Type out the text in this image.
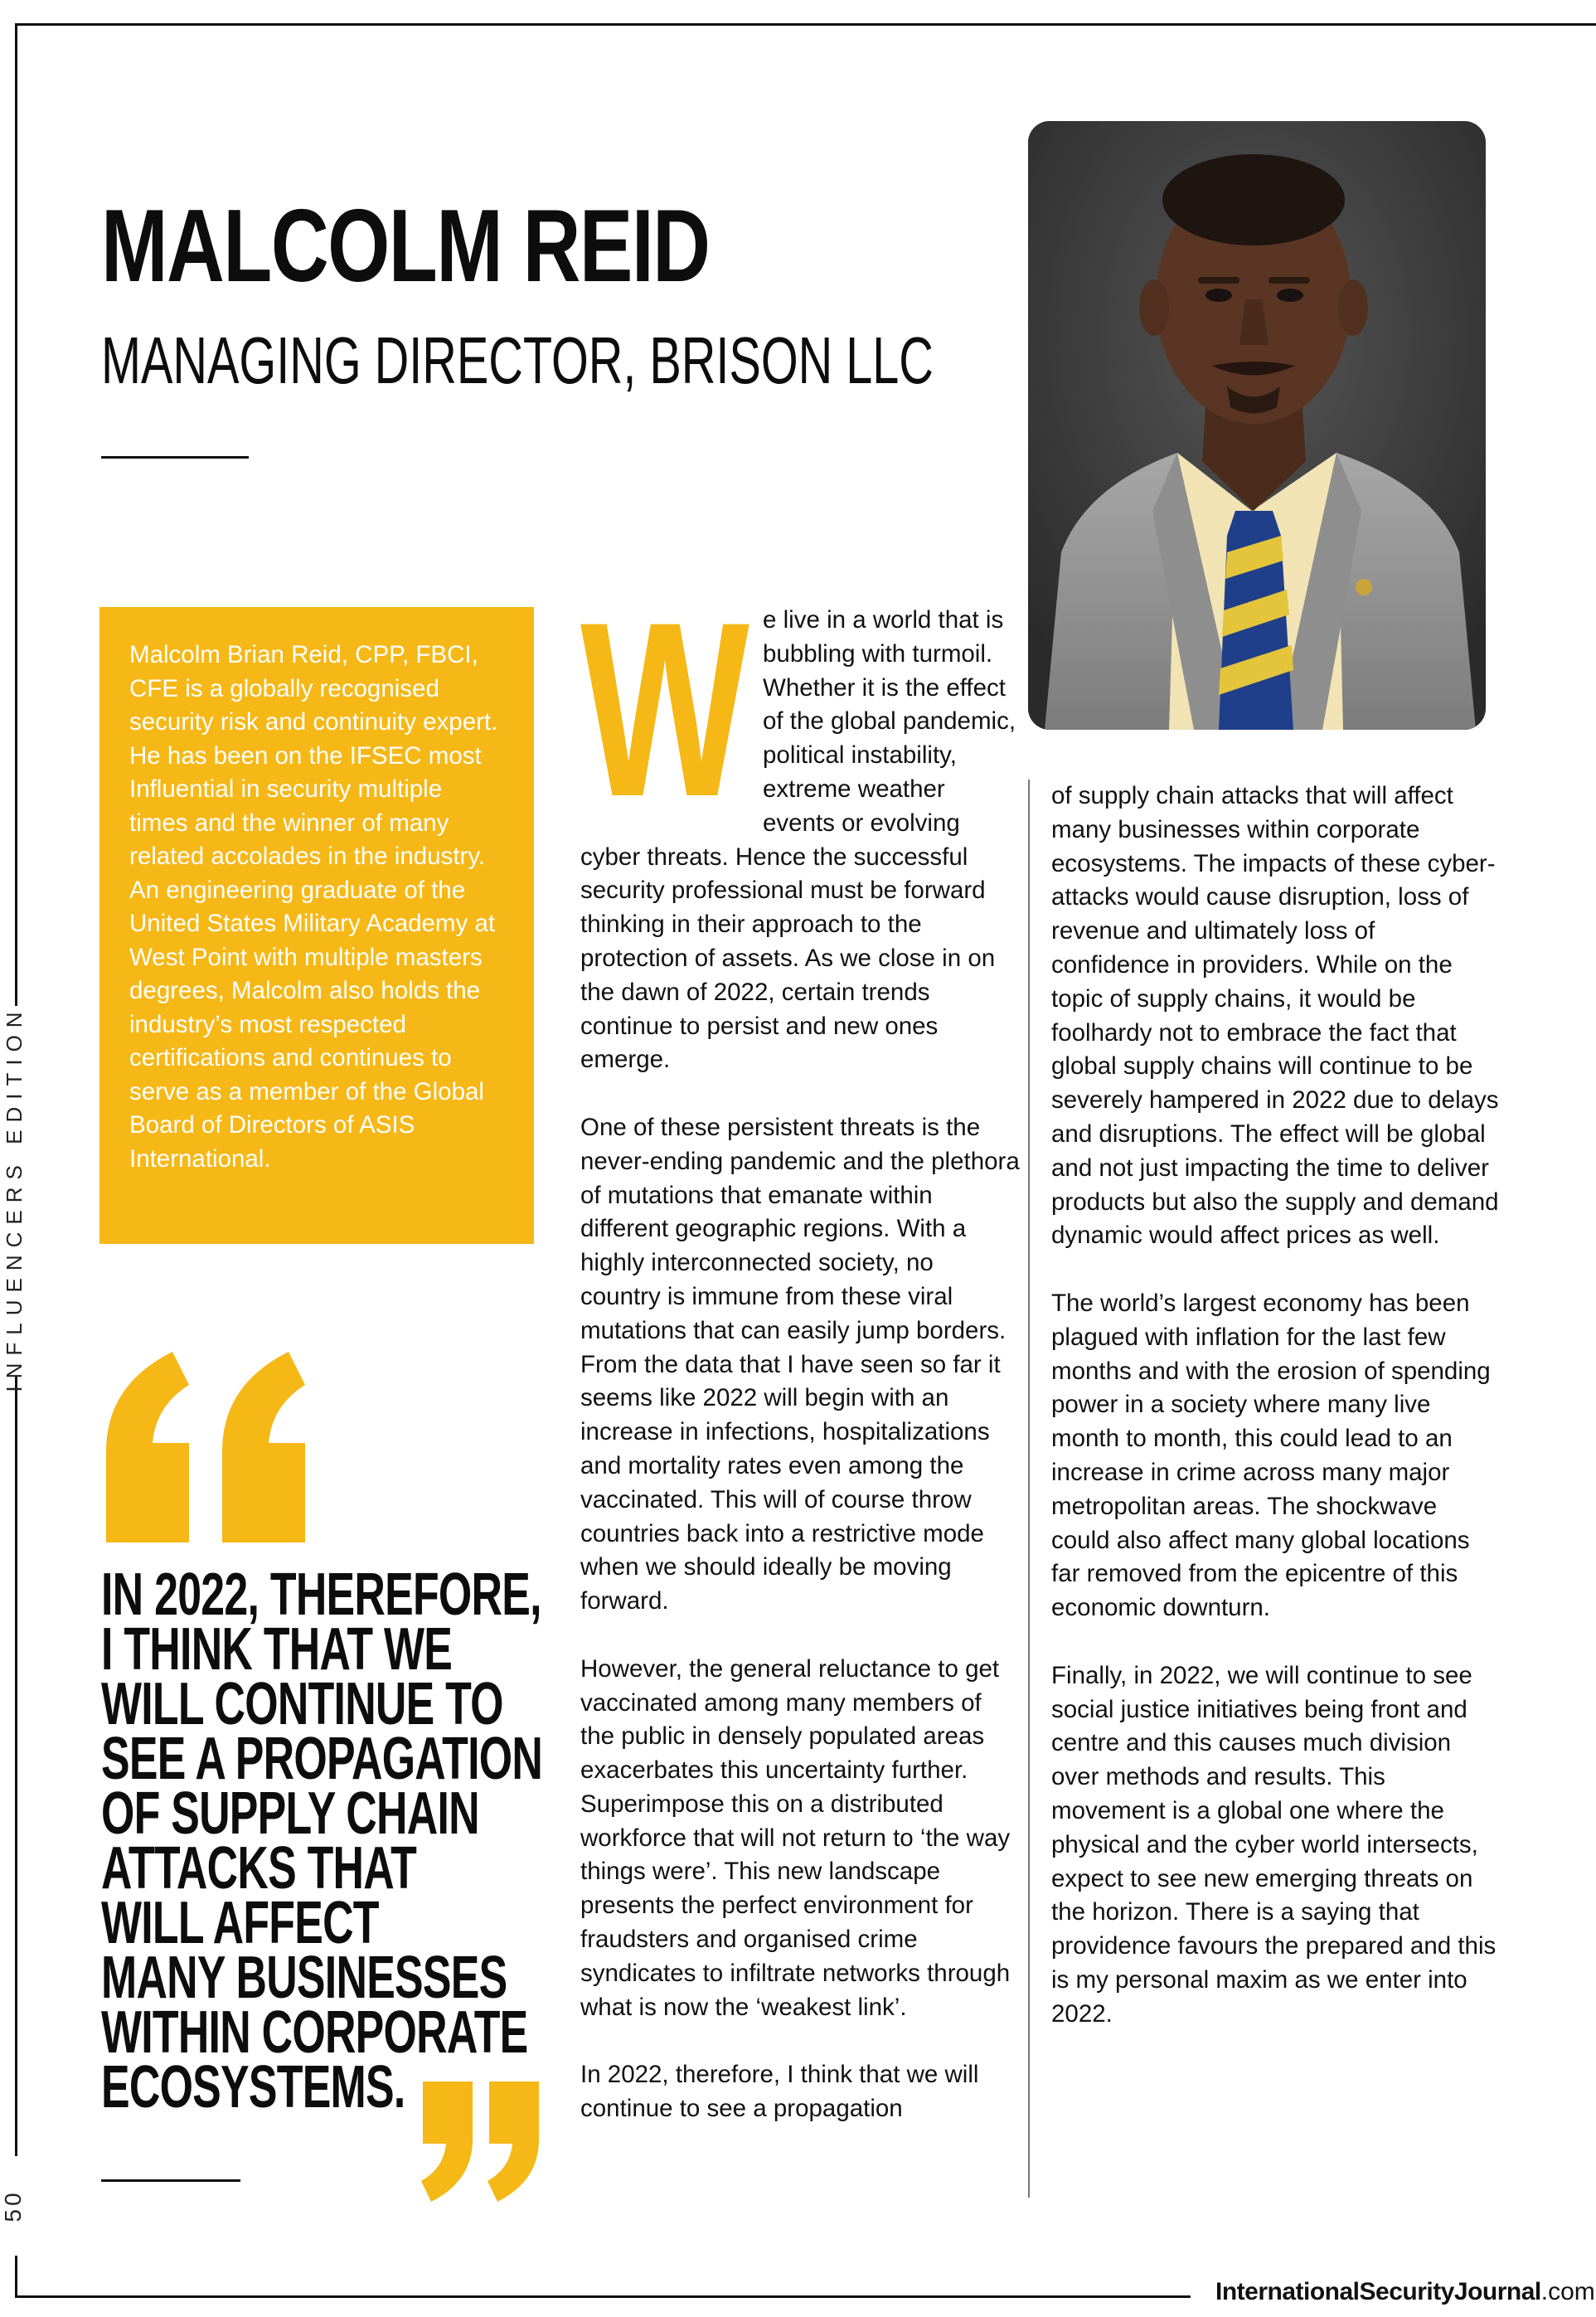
INFLUENCERS EDITION
50
MALCOLM REID
MANAGING DIRECTOR, BRISON LLC

Malcolm Brian Reid, CPP, FBCI, CFE is a globally recognised security risk and continuity expert. He has been on the IFSEC most Influential in security multiple times and the winner of many related accolades in the industry. An engineering graduate of the United States Military Academy at West Point with multiple masters degrees, Malcolm also holds the industry’s most respected certifications and continues to serve as a member of the Global Board of Directors of ASIS International.

IN 2022, THEREFORE,
I THINK THAT WE
WILL CONTINUE TO
SEE A PROPAGATION
OF SUPPLY CHAIN
ATTACKS THAT
WILL AFFECT
MANY BUSINESSES
WITHIN CORPORATE
ECOSYSTEMS.

We live in a world that is bubbling with turmoil. Whether it is the effect of the global pandemic, political instability, extreme weather events or evolving cyber threats. Hence the successful security professional must be forward thinking in their approach to the protection of assets. As we close in on the dawn of 2022, certain trends continue to persist and new ones emerge.

One of these persistent threats is the never-ending pandemic and the plethora of mutations that emanate within different geographic regions. With a highly interconnected society, no country is immune from these viral mutations that can easily jump borders. From the data that I have seen so far it seems like 2022 will begin with an increase in infections, hospitalizations and mortality rates even among the vaccinated. This will of course throw countries back into a restrictive mode when we should ideally be moving forward.

However, the general reluctance to get vaccinated among many members of the public in densely populated areas exacerbates this uncertainty further. Superimpose this on a distributed workforce that will not return to ‘the way things were’. This new landscape presents the perfect environment for fraudsters and organised crime syndicates to infiltrate networks through what is now the ‘weakest link’.

In 2022, therefore, I think that we will continue to see a propagation

of supply chain attacks that will affect many businesses within corporate ecosystems. The impacts of these cyber-attacks would cause disruption, loss of revenue and ultimately loss of confidence in providers. While on the topic of supply chains, it would be foolhardy not to embrace the fact that global supply chains will continue to be severely hampered in 2022 due to delays and disruptions. The effect will be global and not just impacting the time to deliver products but also the supply and demand dynamic would affect prices as well.

The world’s largest economy has been plagued with inflation for the last few months and with the erosion of spending power in a society where many live month to month, this could lead to an increase in crime across many major metropolitan areas. The shockwave could also affect many global locations far removed from the epicentre of this economic downturn.

Finally, in 2022, we will continue to see social justice initiatives being front and centre and this causes much division over methods and results. This movement is a global one where the physical and the cyber world intersects, expect to see new emerging threats on the horizon. There is a saying that providence favours the prepared and this is my personal maxim as we enter into 2022.

InternationalSecurityJournal.com
